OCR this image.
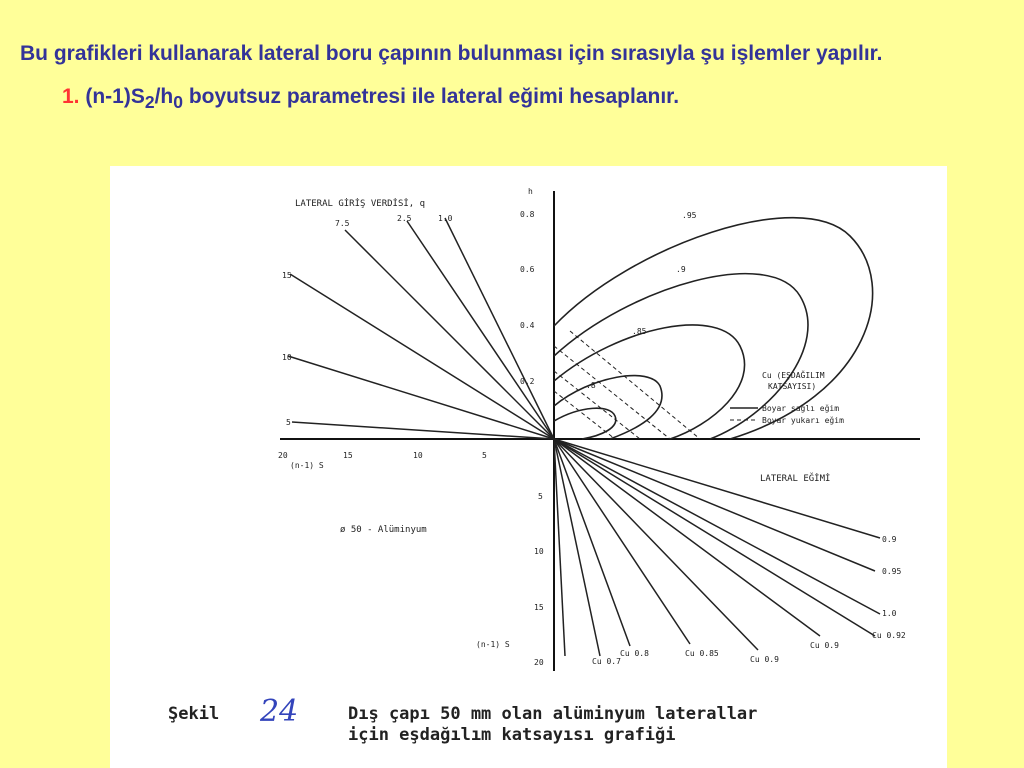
Bu grafikleri kullanarak lateral boru çapının bulunması için sırasıyla şu işlemler yapılır.

1. $(n-1)S_2/h_0$ boyutsuz parametresi ile lateral eğimi hesaplanır.

0.8
0.6
0.4
0.2
h
LATERAL GİRİŞ VERDİSİ, q
20	15	10	5
(n-1) S
5
10
15
20
(n-1) S
7.5
2.5	1.0
15
10
5
.95
.9
.85
.8
Cu (EŞDAĞILIM
KATSAYISI)
Boyar sağlı eğim
Boyar yukarı eğim
Cu 0.7
Cu 0.8	Cu 0.85
Cu 0.9
Cu 0.9
Cu 0.92
1.0
0.95
0.9
LATERAL EĞİMİ
ø 50 - Alüminyum
Şekil 24	Dış çapı 50 mm olan alüminyum laterallar
için eşdağılım katsayısı grafiği
